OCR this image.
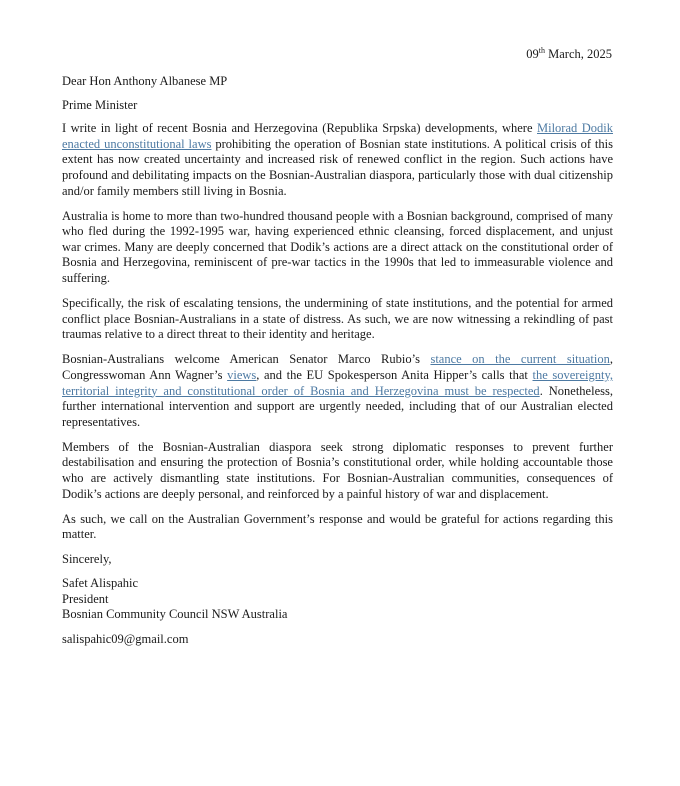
09th March, 2025

Dear Hon Anthony Albanese MP

Prime Minister

I write in light of recent Bosnia and Herzegovina (Republika Srpska) developments, where Milorad Dodik enacted unconstitutional laws prohibiting the operation of Bosnian state institutions. A political crisis of this extent has now created uncertainty and increased risk of renewed conflict in the region. Such actions have profound and debilitating impacts on the Bosnian-Australian diaspora, particularly those with dual citizenship and/or family members still living in Bosnia.

Australia is home to more than two-hundred thousand people with a Bosnian background, comprised of many who fled during the 1992-1995 war, having experienced ethnic cleansing, forced displacement, and unjust war crimes. Many are deeply concerned that Dodik’s actions are a direct attack on the constitutional order of Bosnia and Herzegovina, reminiscent of pre-war tactics in the 1990s that led to immeasurable violence and suffering.

Specifically, the risk of escalating tensions, the undermining of state institutions, and the potential for armed conflict place Bosnian-Australians in a state of distress. As such, we are now witnessing a rekindling of past traumas relative to a direct threat to their identity and heritage.

Bosnian-Australians welcome American Senator Marco Rubio’s stance on the current situation, Congresswoman Ann Wagner’s views, and the EU Spokesperson Anita Hipper’s calls that the sovereignty, territorial integrity and constitutional order of Bosnia and Herzegovina must be respected. Nonetheless, further international intervention and support are urgently needed, including that of our Australian elected representatives.

Members of the Bosnian-Australian diaspora seek strong diplomatic responses to prevent further destabilisation and ensuring the protection of Bosnia’s constitutional order, while holding accountable those who are actively dismantling state institutions. For Bosnian-Australian communities, consequences of Dodik’s actions are deeply personal, and reinforced by a painful history of war and displacement.

As such, we call on the Australian Government’s response and would be grateful for actions regarding this matter.

Sincerely,

Safet Alispahic

President

Bosnian Community Council NSW Australia

salispahic09@gmail.com
